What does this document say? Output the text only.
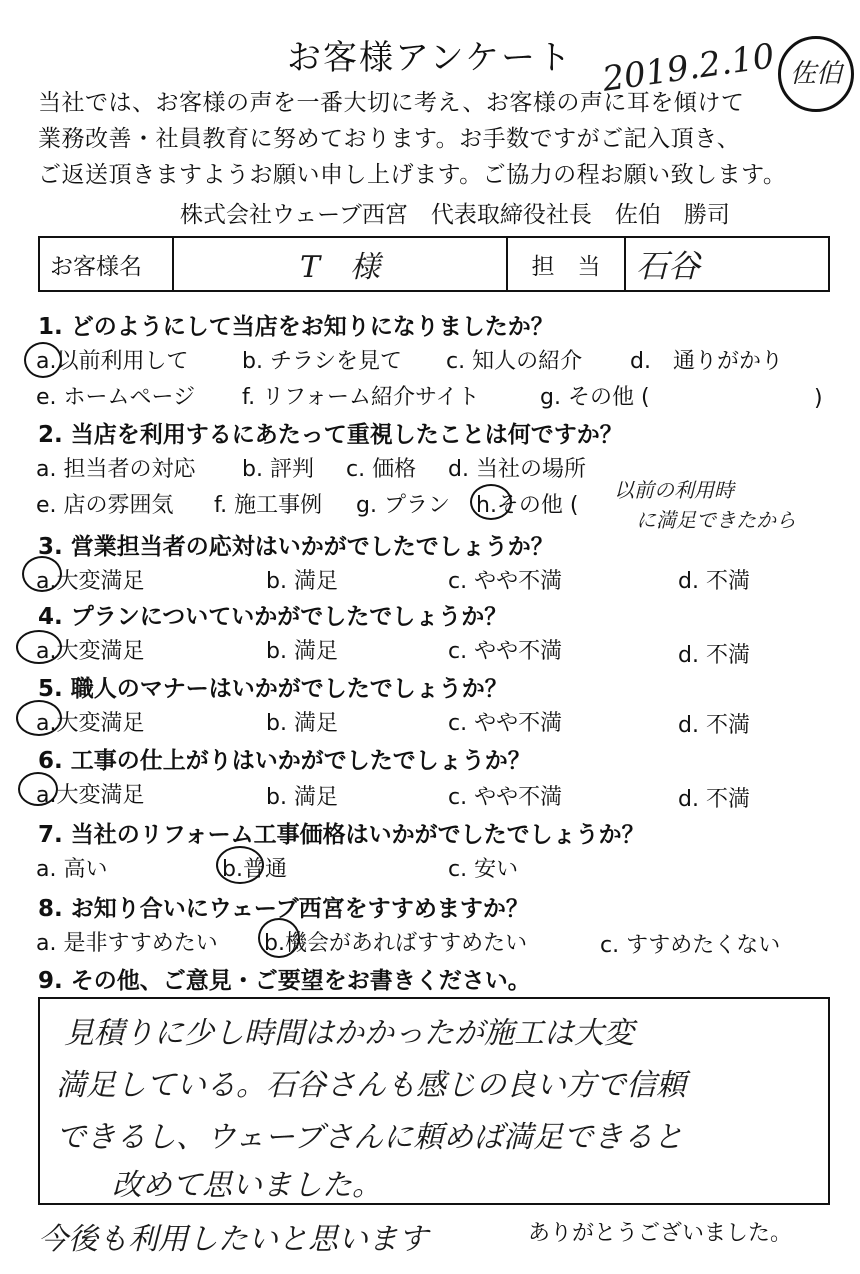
お客様アンケート 2019.2.10 佐伯
当社では、お客様の声を一番大切に考え、お客様の声に耳を傾けて
業務改善・社員教育に努めております。お手数ですがご記入頂き、
ご返送頂きますようお願い申し上げます。ご協力の程お願い致します。
株式会社ウェーブ西宮　代表取締役社長　佐伯　勝司
お客様名	T　様	担　当	石谷
1. どのようにして当店をお知りになりましたか？
a.以前利用して b. チラシを見て c. 知人の紹介 d.　通りがかり
e. ホームページ f. リフォーム紹介サイト	g. その他 (	)
2. 当店を利用するにあたって重視したことは何ですか？
a. 担当者の対応 b. 評判 c. 価格 d. 当社の場所
e. 店の雰囲気 f. 施工事例 g. プラン h.その他 (
以前の利用時
に満足できたから
3. 営業担当者の応対はいかがでしたでしょうか？
a.大変満足	b. 満足	c. やや不満	d. 不満
4. プランについていかがでしたでしょうか？
a.大変満足	b. 満足	c. やや不満	d. 不満
5. 職人のマナーはいかがでしたでしょうか？
a.大変満足	b. 満足	c. やや不満	d. 不満
6. 工事の仕上がりはいかがでしたでしょうか？
a.大変満足	b. 満足	c. やや不満	d. 不満
7. 当社のリフォーム工事価格はいかがでしたでしょうか？
a. 高い	b.普通	c. 安い
8. お知り合いにウェーブ西宮をすすめますか？
a. 是非すすめたい b.機会があればすすめたい	c. すすめたくない
9. その他、ご意見・ご要望をお書きください。
見積りに少し時間はかかったが施工は大変
満足している。石谷さんも感じの良い方で信頼
できるし、ウェーブさんに頼めば満足できると
改めて思いました。
今後も利用したいと思います	ありがとうございました。
